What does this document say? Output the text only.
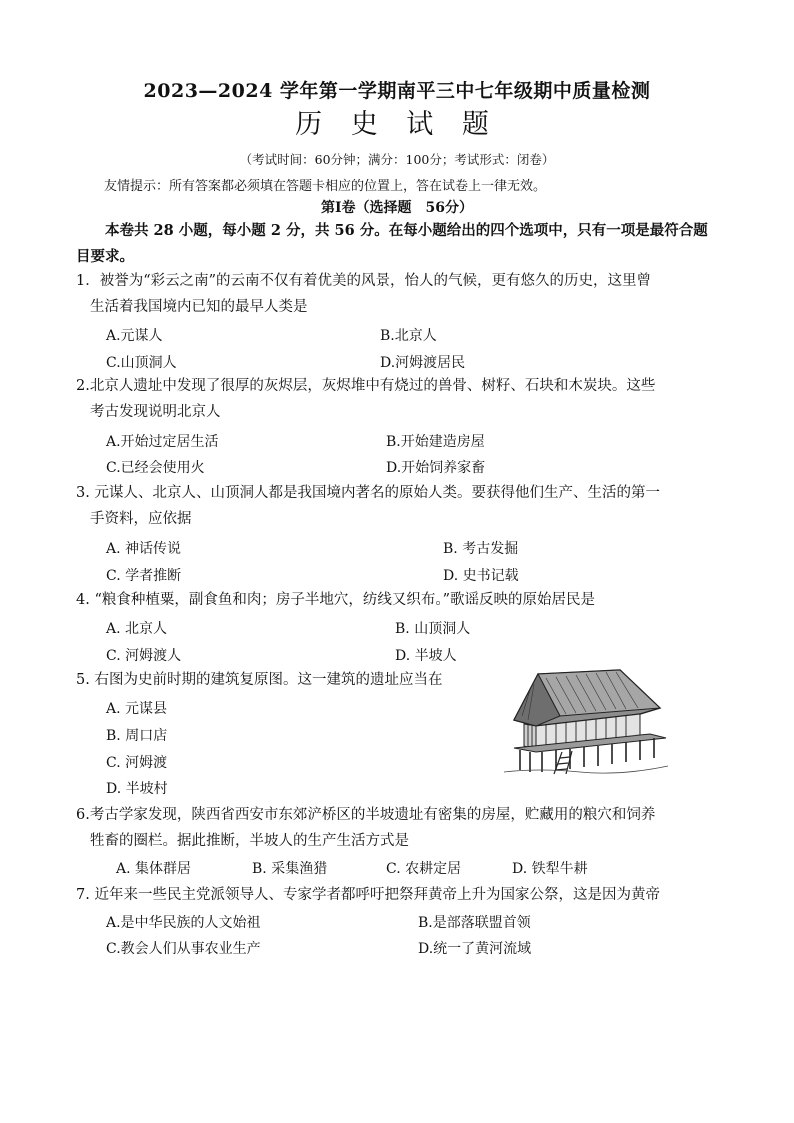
2023—2024 学年第一学期南平三中七年级期中质量检测
历 史 试 题
（考试时间：60分钟；满分：100分；考试形式：闭卷）
友情提示：所有答案都必须填在答题卡相应的位置上，答在试卷上一律无效。
第Ⅰ卷（选择题　56分）
本卷共 28 小题，每小题 2 分，共 56 分。在每小题给出的四个选项中，只有一项是最符合题目要求。
1．被誉为“彩云之南”的云南不仅有着优美的风景，怡人的气候，更有悠久的历史，这里曾
生活着我国境内已知的最早人类是
A.元谋人	B.北京人
C.山顶洞人	D.河姆渡居民
2.北京人遗址中发现了很厚的灰烬层，灰烬堆中有烧过的兽骨、树籽、石块和木炭块。这些
考古发现说明北京人
A.开始过定居生活	B.开始建造房屋
C.已经会使用火	D.开始饲养家畜
3. 元谋人、北京人、山顶洞人都是我国境内著名的原始人类。要获得他们生产、生活的第一
手资料，应依据
A. 神话传说	B. 考古发掘
C. 学者推断	D. 史书记载
4. “粮食种植粟，副食鱼和肉；房子半地穴，纺线又织布。”歌谣反映的原始居民是
A. 北京人	B. 山顶洞人
C. 河姆渡人	D. 半坡人
5. 右图为史前时期的建筑复原图。这一建筑的遗址应当在
A. 元谋县
B. 周口店
C. 河姆渡
D. 半坡村
6.考古学家发现，陕西省西安市东郊浐桥区的半坡遗址有密集的房屋，贮藏用的粮穴和饲养
牲畜的圈栏。据此推断，半坡人的生产生活方式是
A. 集体群居	B. 采集渔猎	C. 农耕定居	D. 铁犁牛耕
7. 近年来一些民主党派领导人、专家学者都呼吁把祭拜黄帝上升为国家公祭，这是因为黄帝
A.是中华民族的人文始祖	B.是部落联盟首领
C.教会人们从事农业生产	D.统一了黄河流域
